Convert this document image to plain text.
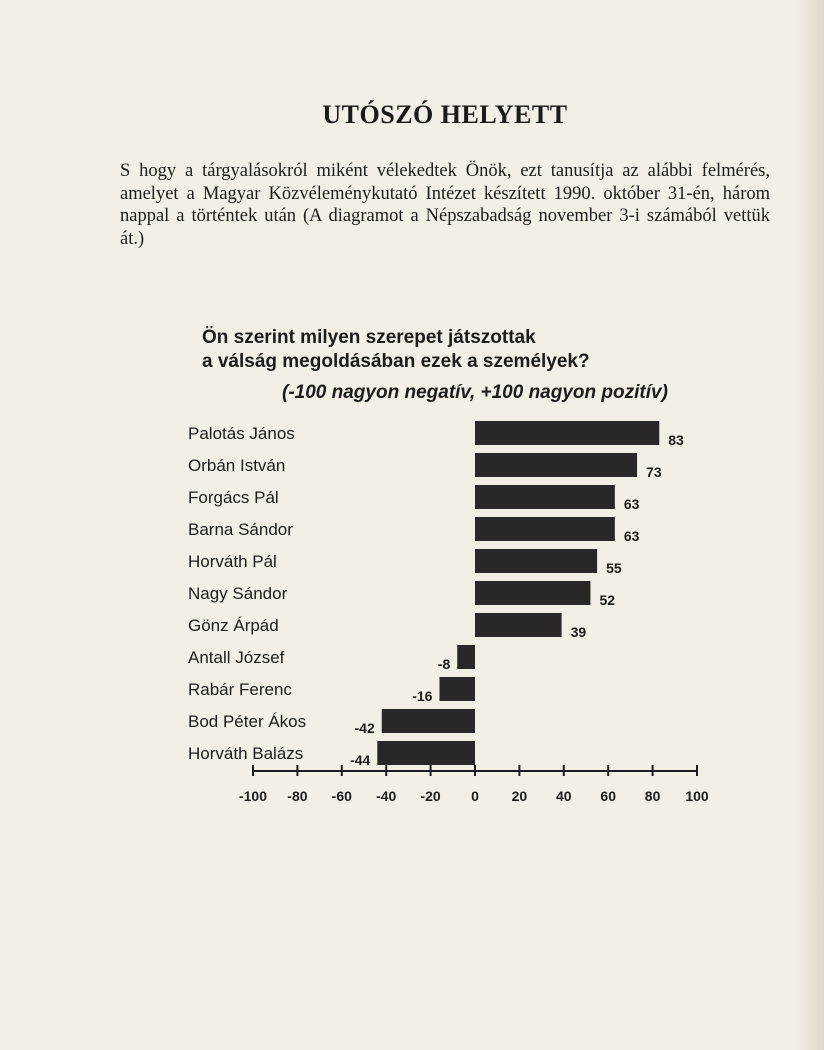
UTÓSZÓ HELYETT

S hogy a tárgyalásokról miként vélekedtek Önök, ezt tanusítja az alábbi felmérés, amelyet a Magyar Közvéleménykutató Intézet készített 1990. október 31-én, három nappal a történtek után (A diagramot a Népszabadság november 3-i számából vettük át.)

Ön szerint milyen szerepet játszottak
a válság megoldásában ezek a személyek?
(-100 nagyon negatív, +100 nagyon pozitív)
Palotás János	83
Orbán István	73
Forgács Pál	63
Barna Sándor	63
Horváth Pál	55
Nagy Sándor	52
Gönz Árpád	39
Antall József	-8
Rabár Ferenc	-16
Bod Péter Ákos	-42
Horváth Balázs	-44
-100 -80 -60 -40 -20 0 20 40 60 80 100
